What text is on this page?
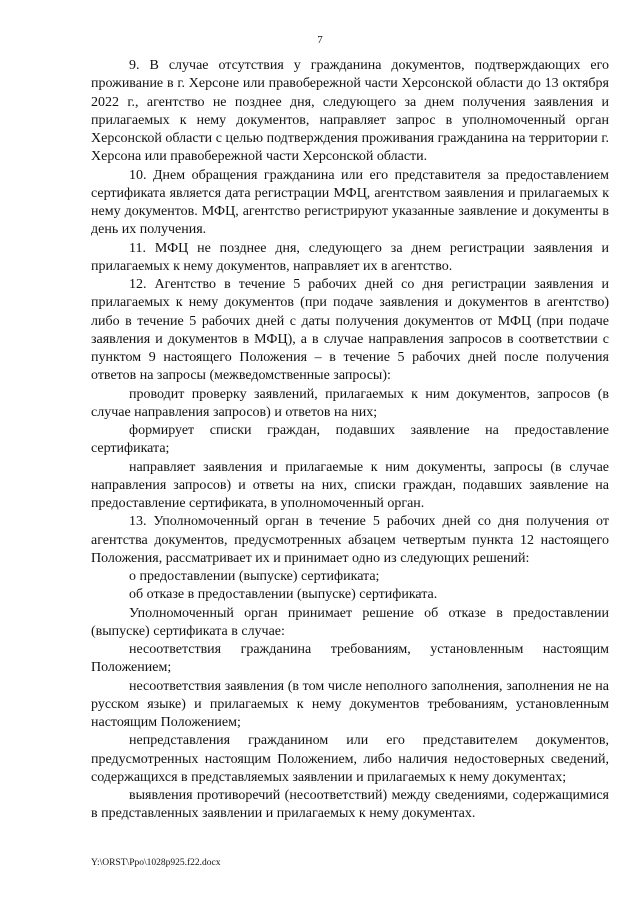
7

9. В случае отсутствия у гражданина документов, подтверждающих его проживание в г. Херсоне или правобережной части Херсонской области до 13 октября 2022 г., агентство не позднее дня, следующего за днем получения заявления и прилагаемых к нему документов, направляет запрос в уполномоченный орган Херсонской области с целью подтверждения проживания гражданина на территории г. Херсона или правобережной части Херсонской области.

10. Днем обращения гражданина или его представителя за предоставлением сертификата является дата регистрации МФЦ, агентством заявления и прилагаемых к нему документов. МФЦ, агентство регистрируют указанные заявление и документы в день их получения.

11. МФЦ не позднее дня, следующего за днем регистрации заявления и прилагаемых к нему документов, направляет их в агентство.

12. Агентство в течение 5 рабочих дней со дня регистрации заявления и прилагаемых к нему документов (при подаче заявления и документов в агентство) либо в течение 5 рабочих дней с даты получения документов от МФЦ (при подаче заявления и документов в МФЦ), а в случае направления запросов в соответствии с пунктом 9 настоящего Положения – в течение 5 рабочих дней после получения ответов на запросы (межведомственные запросы):

проводит проверку заявлений, прилагаемых к ним документов, запросов (в случае направления запросов) и ответов на них;

формирует списки граждан, подавших заявление на предоставление сертификата;

направляет заявления и прилагаемые к ним документы, запросы (в случае направления запросов) и ответы на них, списки граждан, подавших заявление на предоставление сертификата, в уполномоченный орган.

13. Уполномоченный орган в течение 5 рабочих дней со дня получения от агентства документов, предусмотренных абзацем четвертым пункта 12 настоящего Положения, рассматривает их и принимает одно из следующих решений:

о предоставлении (выпуске) сертификата;

об отказе в предоставлении (выпуске) сертификата.

Уполномоченный орган принимает решение об отказе в предоставлении (выпуске) сертификата в случае:

несоответствия гражданина требованиям, установленным настоящим Положением;

несоответствия заявления (в том числе неполного заполнения, заполнения не на русском языке) и прилагаемых к нему документов требованиям, установленным настоящим Положением;

непредставления гражданином или его представителем документов, предусмотренных настоящим Положением, либо наличия недостоверных сведений, содержащихся в представляемых заявлении и прилагаемых к нему документах;

выявления противоречий (несоответствий) между сведениями, содержащимися в представленных заявлении и прилагаемых к нему документах.

Y:\ORST\Ppo\1028p925.f22.docx
